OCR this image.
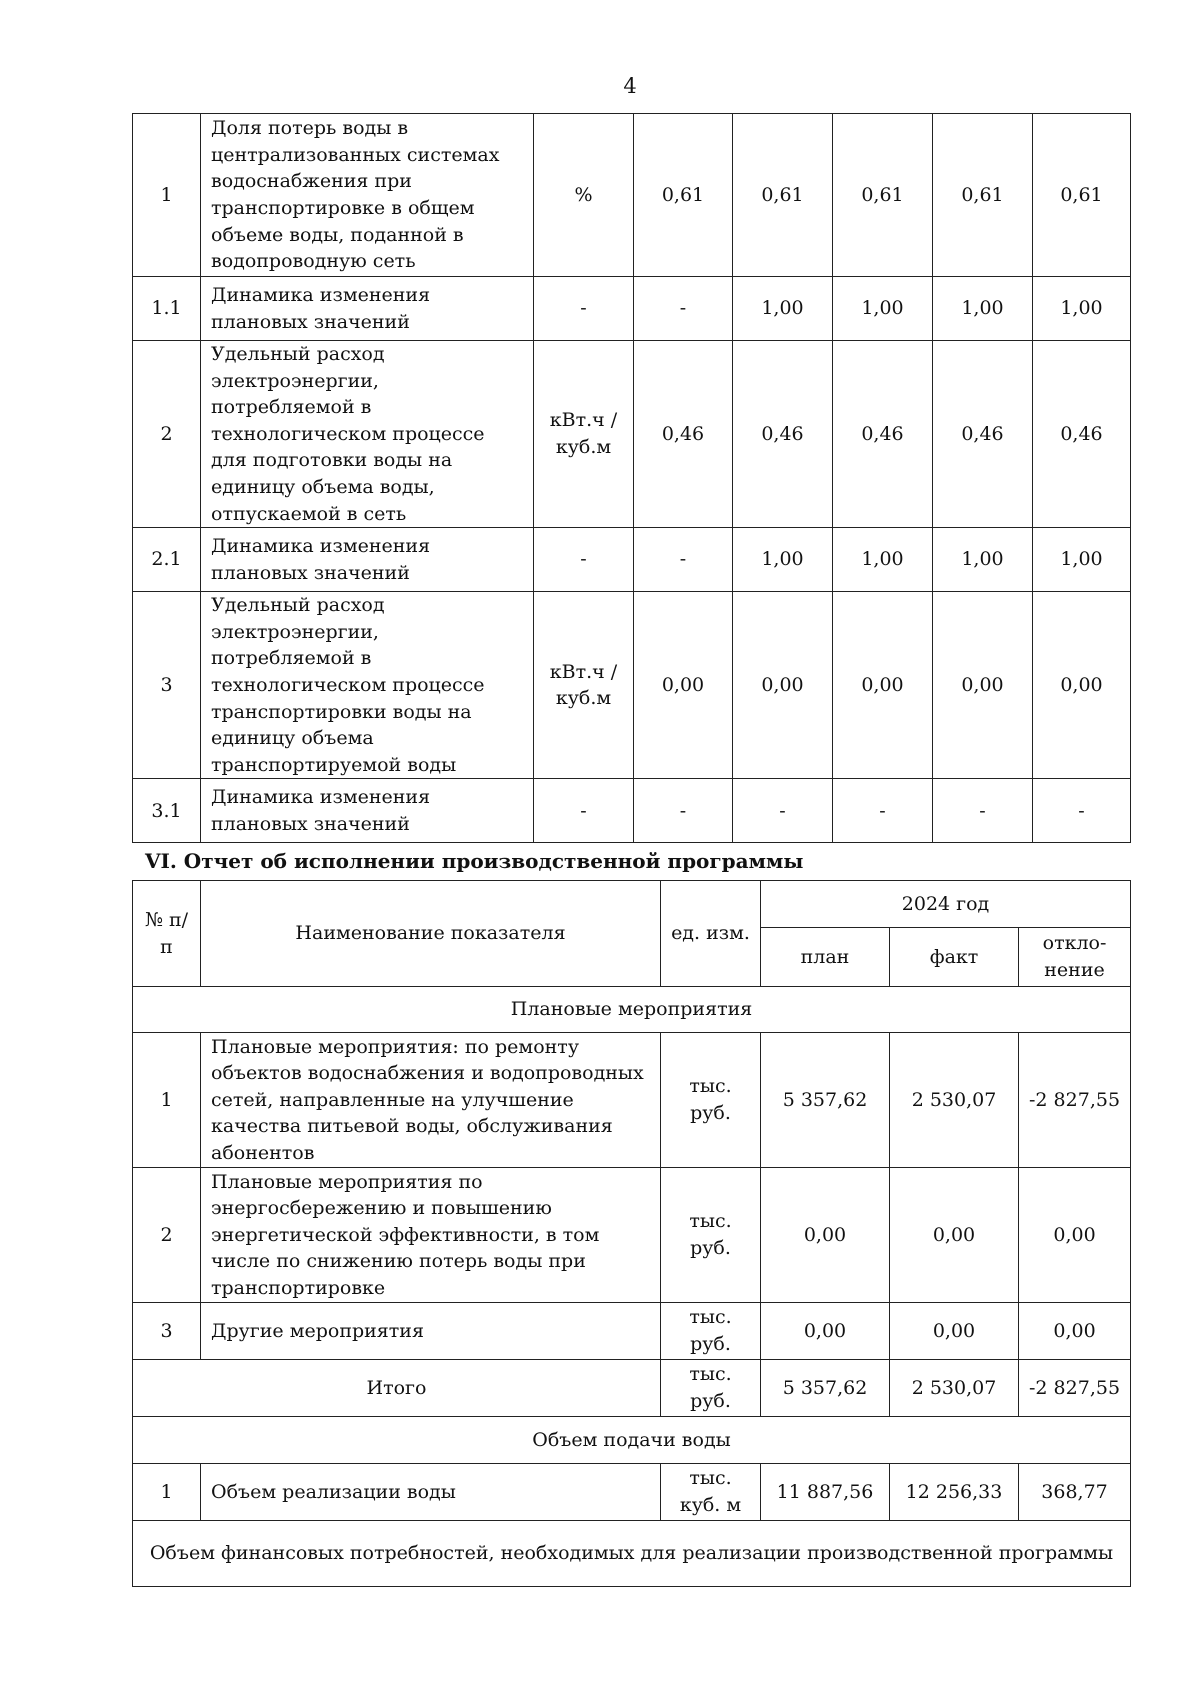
4
1	Доля потерь воды в централизованных системах водоснабжения при транспортировке в общем объеме воды, поданной в водопроводную сеть	%	0,61	0,61	0,61	0,61	0,61
1.1	Динамика изменения плановых значений	-	-	1,00	1,00	1,00	1,00
2	Удельный расход электроэнергии, потребляемой в технологическом процессе для подготовки воды на единицу объема воды, отпускаемой в сеть	кВт.ч / куб.м	0,46	0,46	0,46	0,46	0,46
2.1	Динамика изменения плановых значений	-	-	1,00	1,00	1,00	1,00
3	Удельный расход электроэнергии, потребляемой в технологическом процессе транспортировки воды на единицу объема транспортируемой воды	кВт.ч / куб.м	0,00	0,00	0,00	0,00	0,00
3.1	Динамика изменения плановых значений	-	-	-	-	-	-
VI. Отчет об исполнении производственной программы
№ п/п	Наименование показателя	ед. изм.	2024 год		
			план	факт	откло-нение
Плановые мероприятия					
1	Плановые мероприятия: по ремонту объектов водоснабжения и водопроводных сетей, направленные на улучшение качества питьевой воды, обслуживания абонентов	тыс. руб.	5 357,62	2 530,07	-2 827,55
2	Плановые мероприятия по энергосбережению и повышению энергетической эффективности, в том числе по снижению потерь воды при транспортировке	тыс. руб.	0,00	0,00	0,00
3	Другие мероприятия	тыс. руб.	0,00	0,00	0,00
Итого		тыс. руб.	5 357,62	2 530,07	-2 827,55
Объем подачи воды					
1	Объем реализации воды	тыс. куб. м	11 887,56	12 256,33	368,77
Объем финансовых потребностей, необходимых для реализации производственной программы					
